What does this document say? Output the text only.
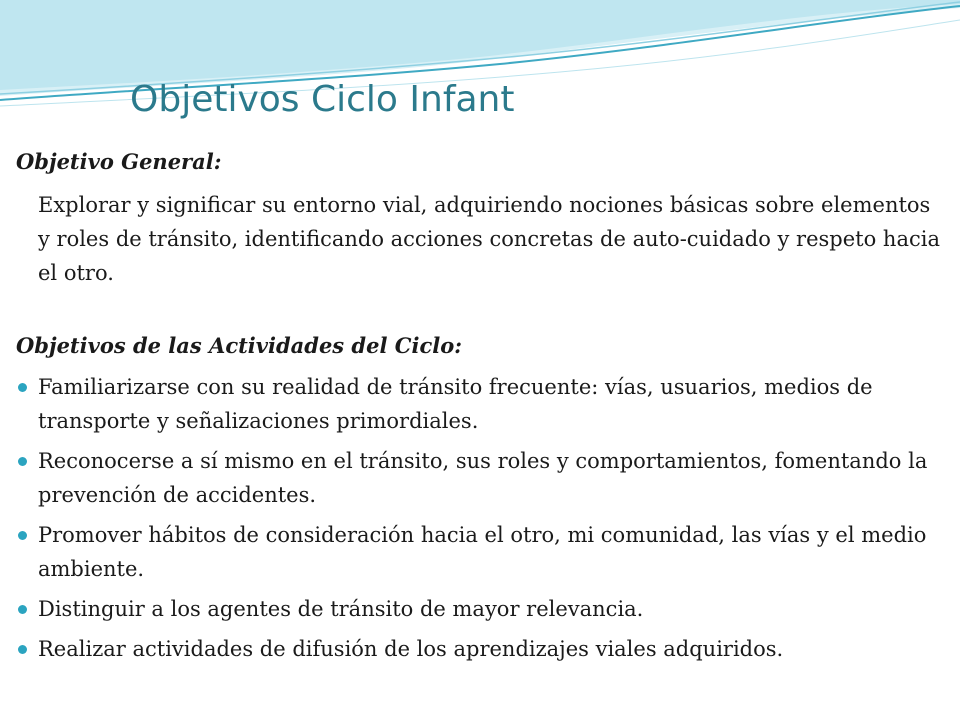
Objetivos Ciclo Infant

Objetivo General:

Explorar y significar su entorno vial, adquiriendo nociones básicas sobre elementos y roles de tránsito, identificando acciones concretas de auto-cuidado y respeto hacia el otro.

Objetivos de las Actividades del Ciclo:

Familiarizarse con su realidad de tránsito frecuente: vías, usuarios, medios de transporte y señalizaciones primordiales.
Reconocerse a sí mismo en el tránsito, sus roles y comportamientos, fomentando la prevención de accidentes.
Promover hábitos de consideración hacia el otro, mi comunidad, las vías y el medio ambiente.
Distinguir a los agentes de tránsito de mayor relevancia.
Realizar actividades de difusión de los aprendizajes viales adquiridos.
